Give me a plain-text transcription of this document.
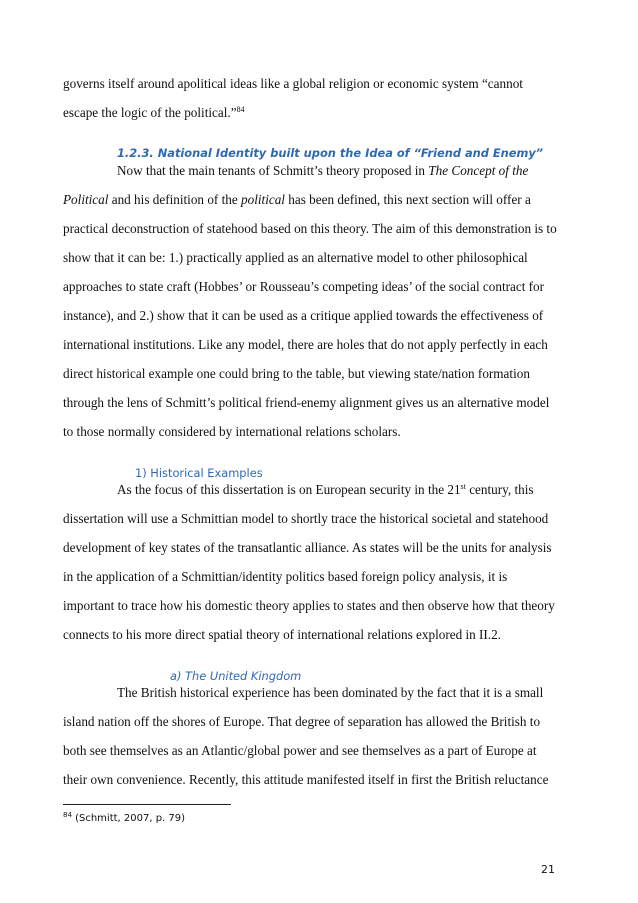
governs itself around apolitical ideas like a global religion or economic system “cannot
escape the logic of the political.”$^{84}$
1.2.3. National Identity built upon the Idea of “Friend and Enemy”
Now that the main tenants of Schmitt’s theory proposed in The Concept of the
Political and his definition of the political has been defined, this next section will offer a
practical deconstruction of statehood based on this theory. The aim of this demonstration is to
show that it can be: 1.) practically applied as an alternative model to other philosophical
approaches to state craft (Hobbes’ or Rousseau’s competing ideas’ of the social contract for
instance), and 2.) show that it can be used as a critique applied towards the effectiveness of
international institutions. Like any model, there are holes that do not apply perfectly in each
direct historical example one could bring to the table, but viewing state/nation formation
through the lens of Schmitt’s political friend-enemy alignment gives us an alternative model
to those normally considered by international relations scholars.
1) Historical Examples
As the focus of this dissertation is on European security in the 21st century, this
dissertation will use a Schmittian model to shortly trace the historical societal and statehood
development of key states of the transatlantic alliance. As states will be the units for analysis
in the application of a Schmittian/identity politics based foreign policy analysis, it is
important to trace how his domestic theory applies to states and then observe how that theory
connects to his more direct spatial theory of international relations explored in II.2.
a) The United Kingdom
The British historical experience has been dominated by the fact that it is a small
island nation off the shores of Europe. That degree of separation has allowed the British to
both see themselves as an Atlantic/global power and see themselves as a part of Europe at
their own convenience. Recently, this attitude manifested itself in first the British reluctance
$^{84}$ (Schmitt, 2007, p. 79)
21
